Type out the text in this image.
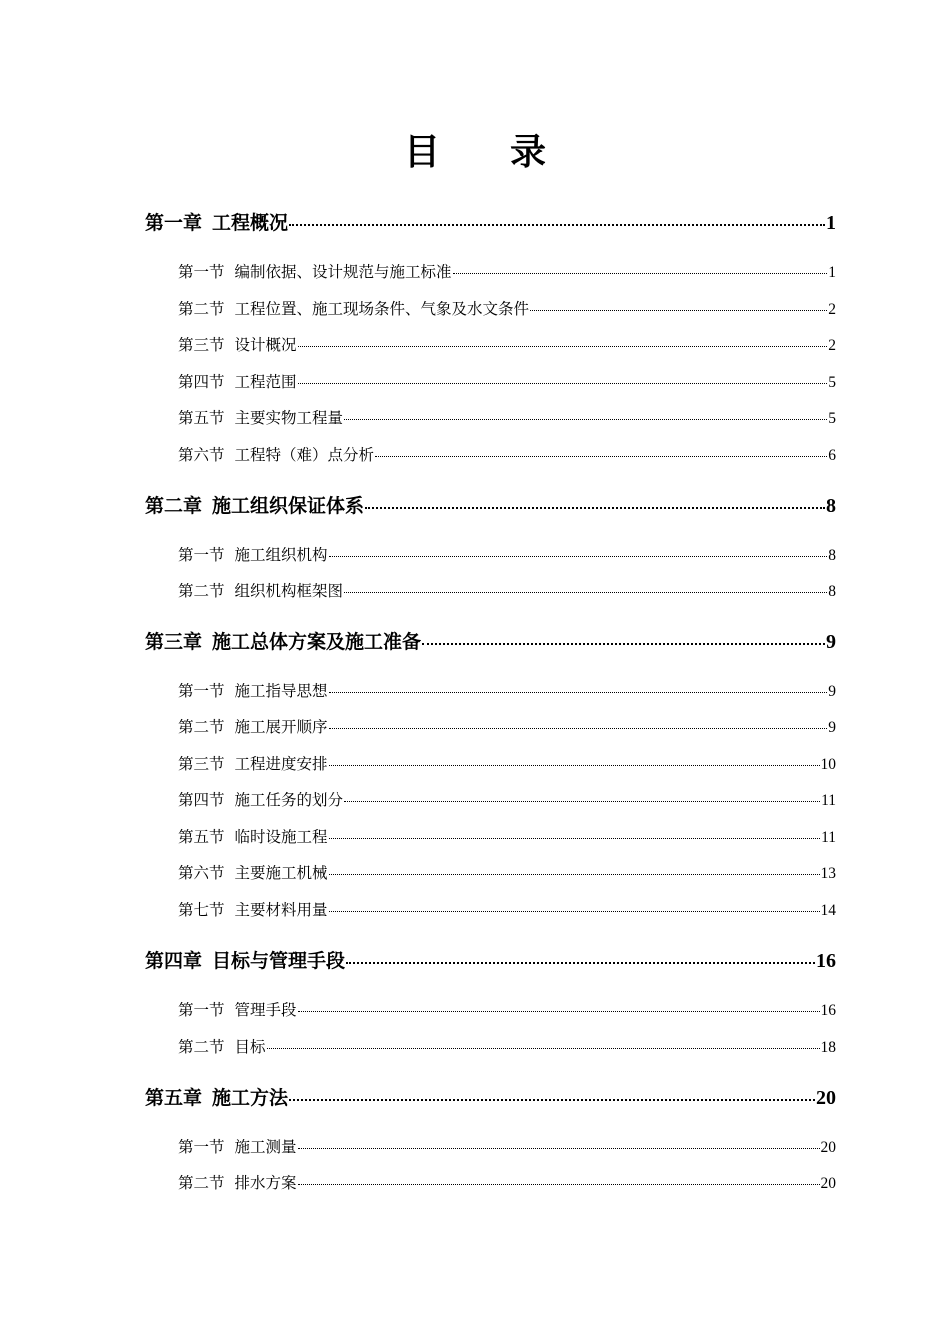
目 录
第一章 工程概况	1
第一节 编制依据、设计规范与施工标准	1
第二节 工程位置、施工现场条件、气象及水文条件	2
第三节 设计概况	2
第四节 工程范围	5
第五节 主要实物工程量	5
第六节 工程特（难）点分析	6
第二章 施工组织保证体系	8
第一节 施工组织机构	8
第二节 组织机构框架图	8
第三章 施工总体方案及施工准备	9
第一节 施工指导思想	9
第二节 施工展开顺序	9
第三节 工程进度安排	10
第四节 施工任务的划分	11
第五节 临时设施工程	11
第六节 主要施工机械	13
第七节 主要材料用量	14
第四章 目标与管理手段	16
第一节 管理手段	16
第二节 目标	18
第五章 施工方法	20
第一节 施工测量	20
第二节 排水方案	20
